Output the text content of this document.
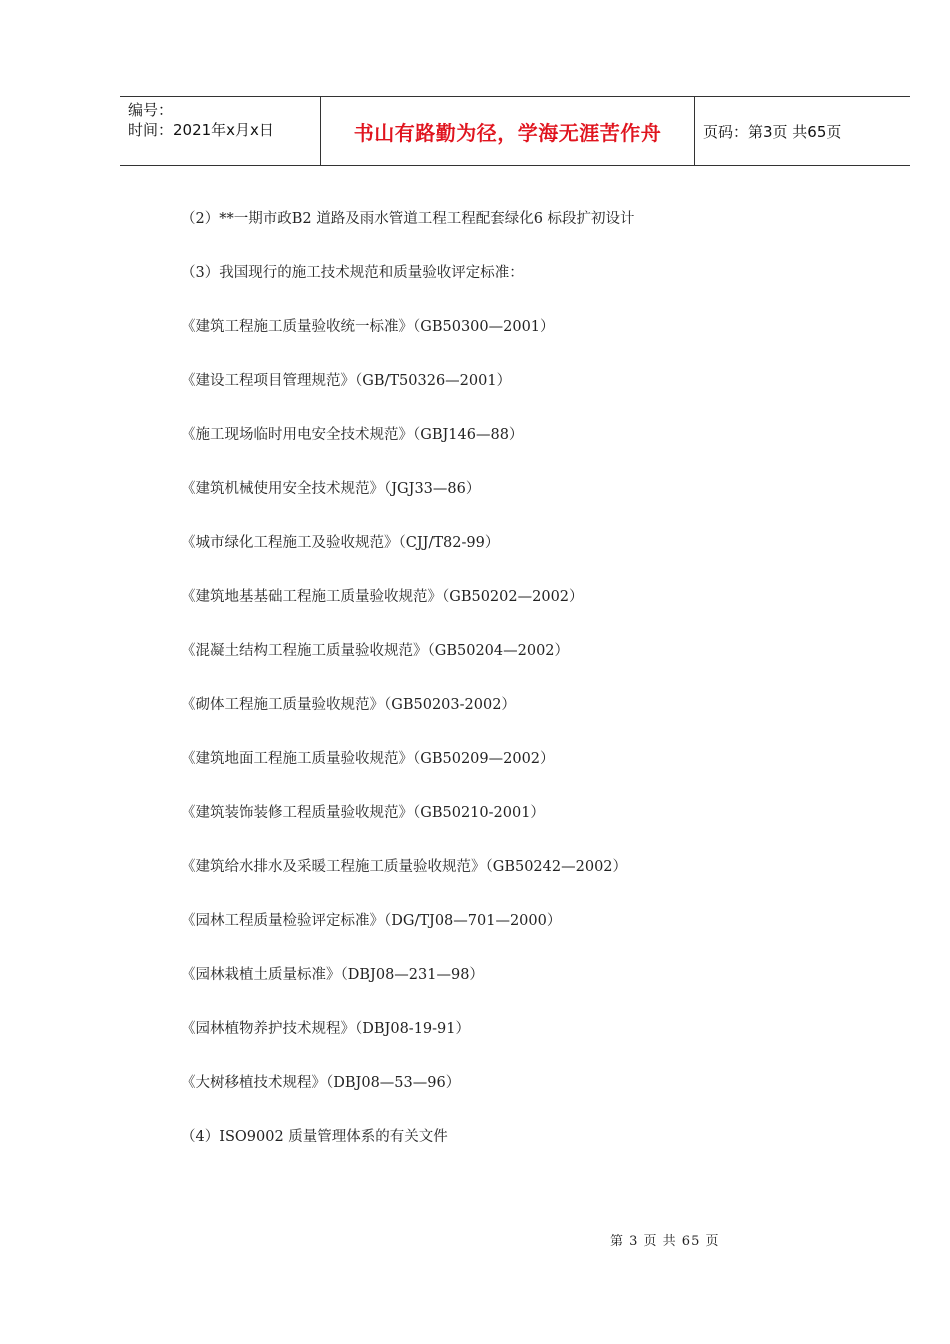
编号：
时间：2021年x月x日	书山有路勤为径，学海无涯苦作舟	页码：第3页 共65页
（2）**一期市政B2 道路及雨水管道工程工程配套绿化6 标段扩初设计
（3）我国现行的施工技术规范和质量验收评定标准：
《建筑工程施工质量验收统一标准》（GB50300—2001）
《建设工程项目管理规范》（GB/T50326—2001）
《施工现场临时用电安全技术规范》（GBJ146—88）
《建筑机械使用安全技术规范》（JGJ33—86）
《城市绿化工程施工及验收规范》（CJJ/T82-99）
《建筑地基基础工程施工质量验收规范》（GB50202—2002）
《混凝土结构工程施工质量验收规范》（GB50204—2002）
《砌体工程施工质量验收规范》（GB50203-2002）
《建筑地面工程施工质量验收规范》（GB50209—2002）
《建筑装饰装修工程质量验收规范》（GB50210-2001）
《建筑给水排水及采暖工程施工质量验收规范》（GB50242—2002）
《园林工程质量检验评定标准》（DG/TJ08—701—2000）
《园林栽植土质量标准》（DBJ08—231—98）
《园林植物养护技术规程》（DBJ08-19-91）
《大树移植技术规程》（DBJ08—53—96）
（4）ISO9002 质量管理体系的有关文件
第 3 页 共 65 页
